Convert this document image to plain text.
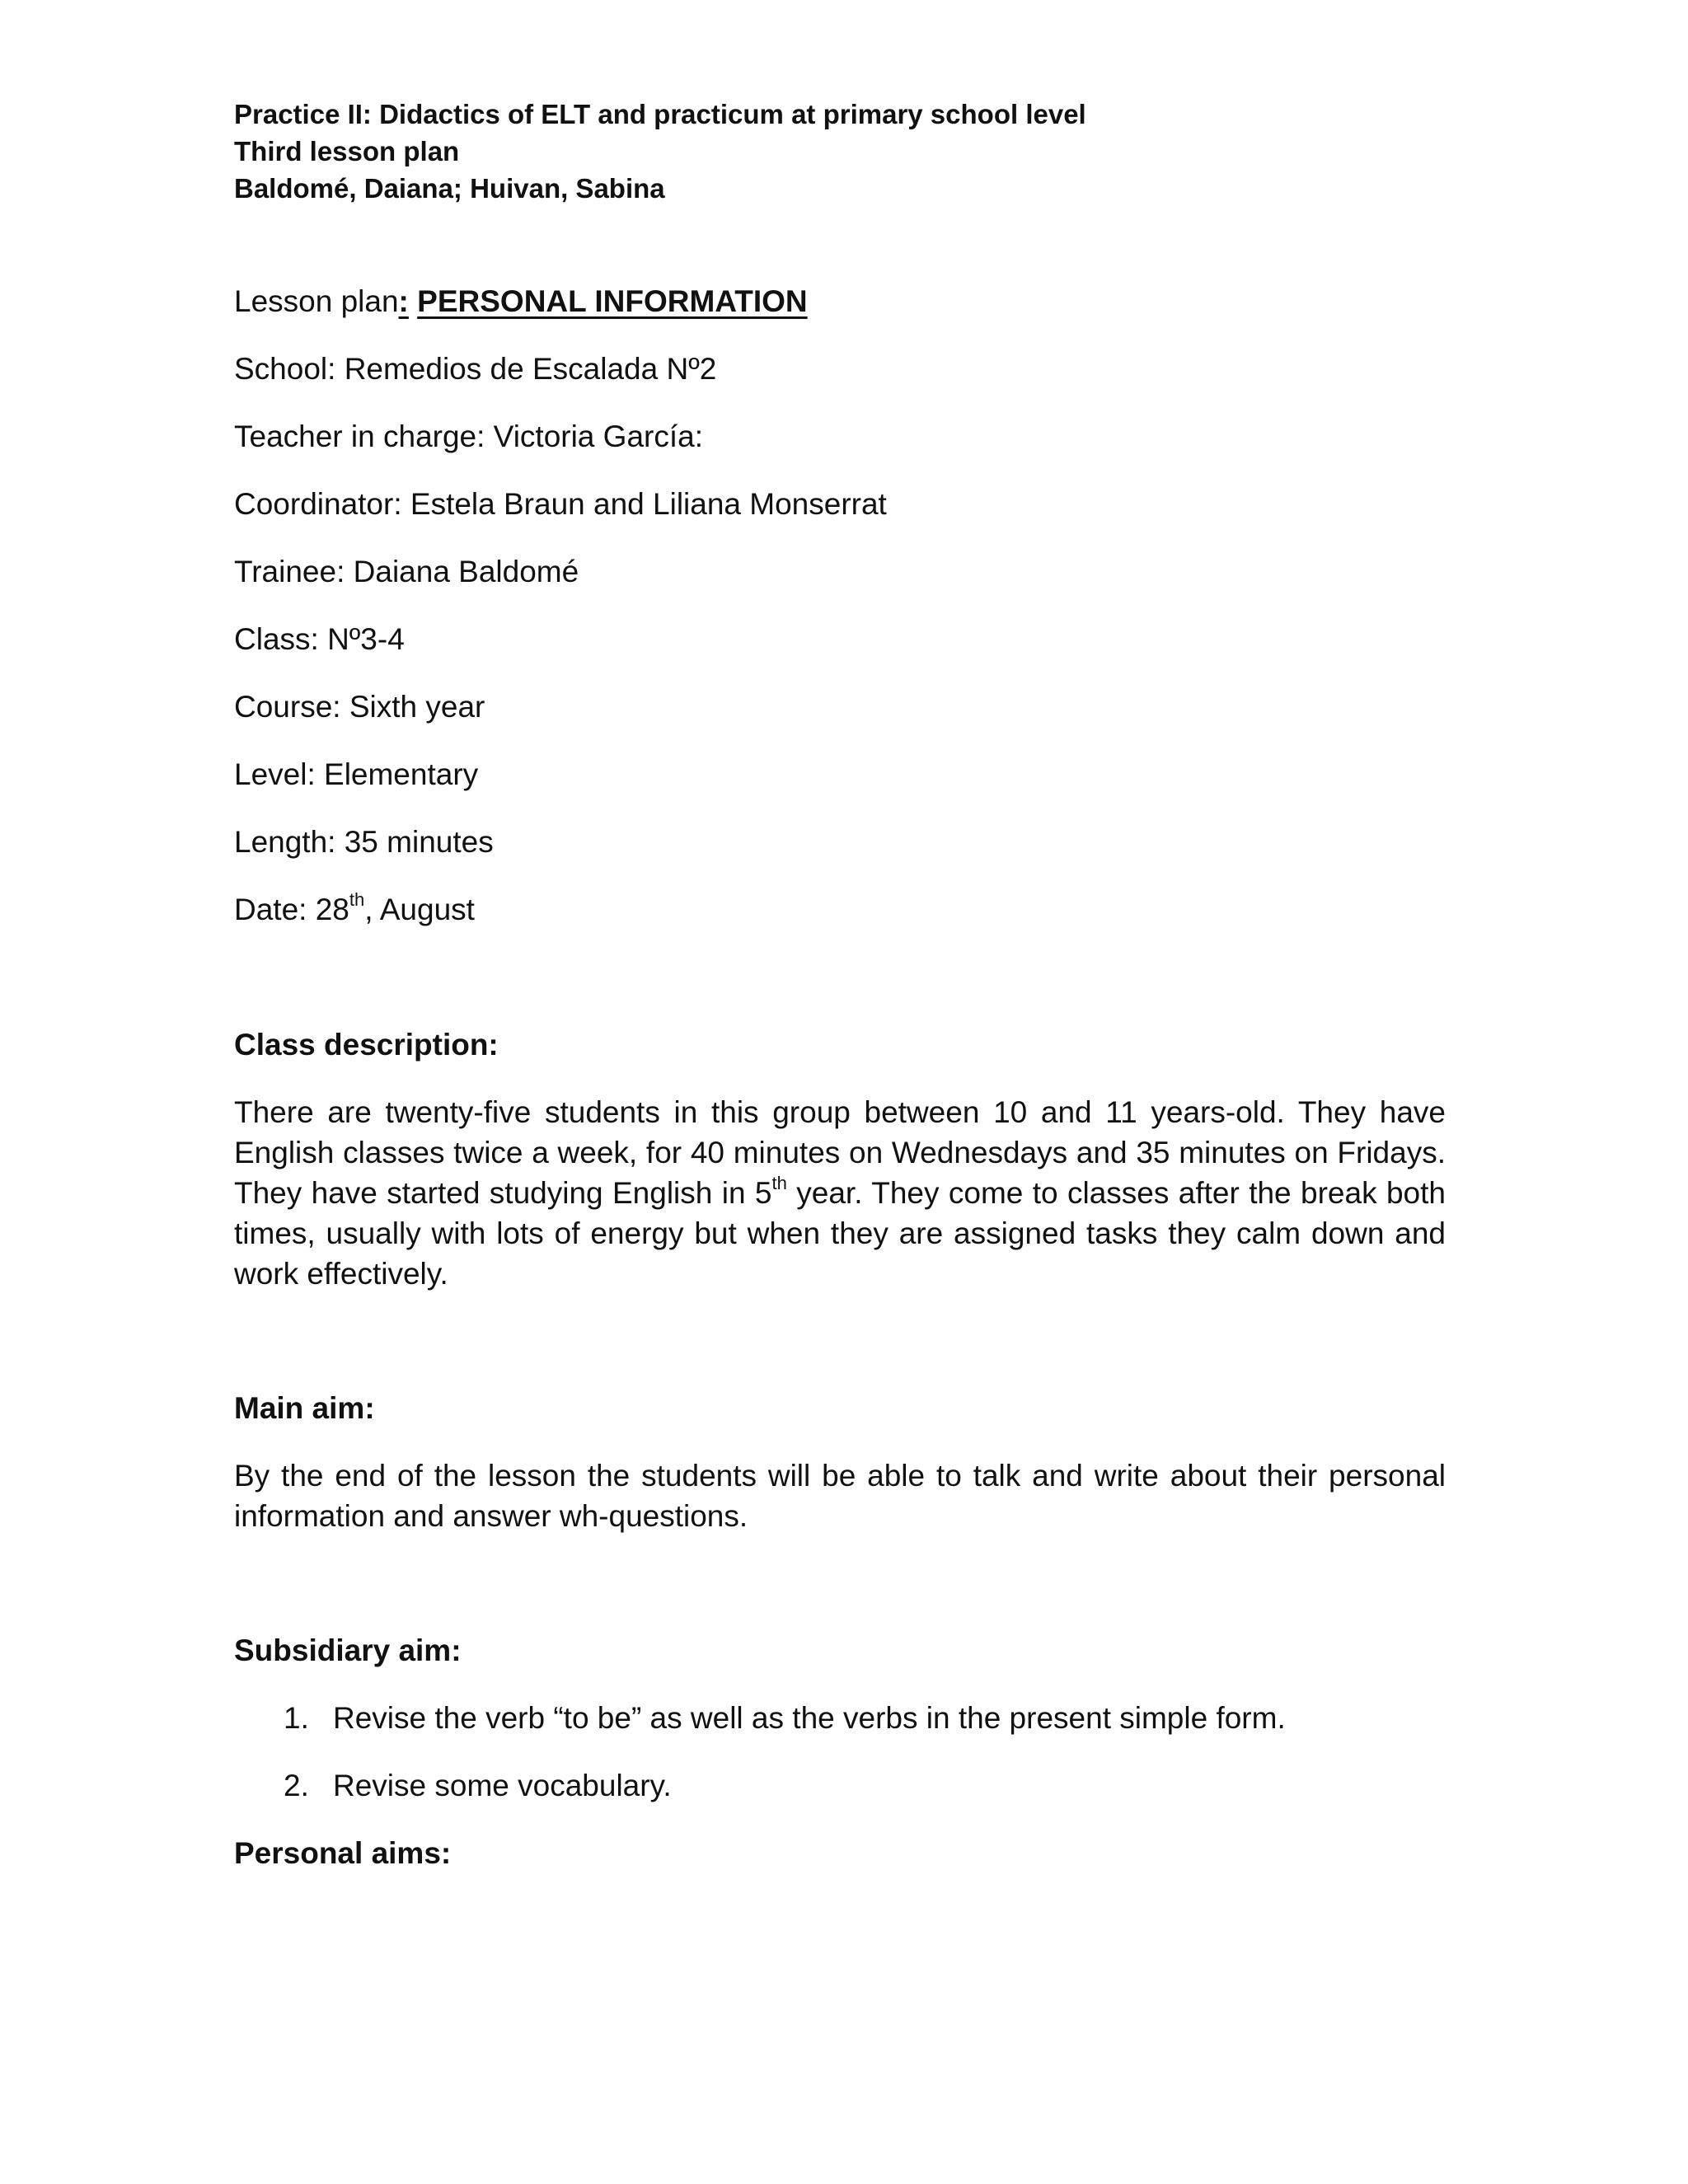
Practice II: Didactics of ELT and practicum at primary school level

Third lesson plan

Baldomé, Daiana; Huivan, Sabina

Lesson plan: PERSONAL INFORMATION

School: Remedios de Escalada Nº2

Teacher in charge: Victoria García:

Coordinator: Estela Braun and Liliana Monserrat

Trainee: Daiana Baldomé

Class: Nº3-4

Course: Sixth year

Level: Elementary

Length: 35 minutes

Date: 28th, August

Class description:

There are twenty-five students in this group between 10 and 11 years-old. They have English classes twice a week, for 40 minutes on Wednesdays and 35 minutes on Fridays. They have started studying English in 5th year. They come to classes after the break both times, usually with lots of energy but when they are assigned tasks they calm down and work effectively.

Main aim:

By the end of the lesson the students will be able to talk and write about their personal information and answer wh-questions.

Subsidiary aim:

1. Revise the verb “to be” as well as the verbs in the present simple form.
2. Revise some vocabulary.

Personal aims:
